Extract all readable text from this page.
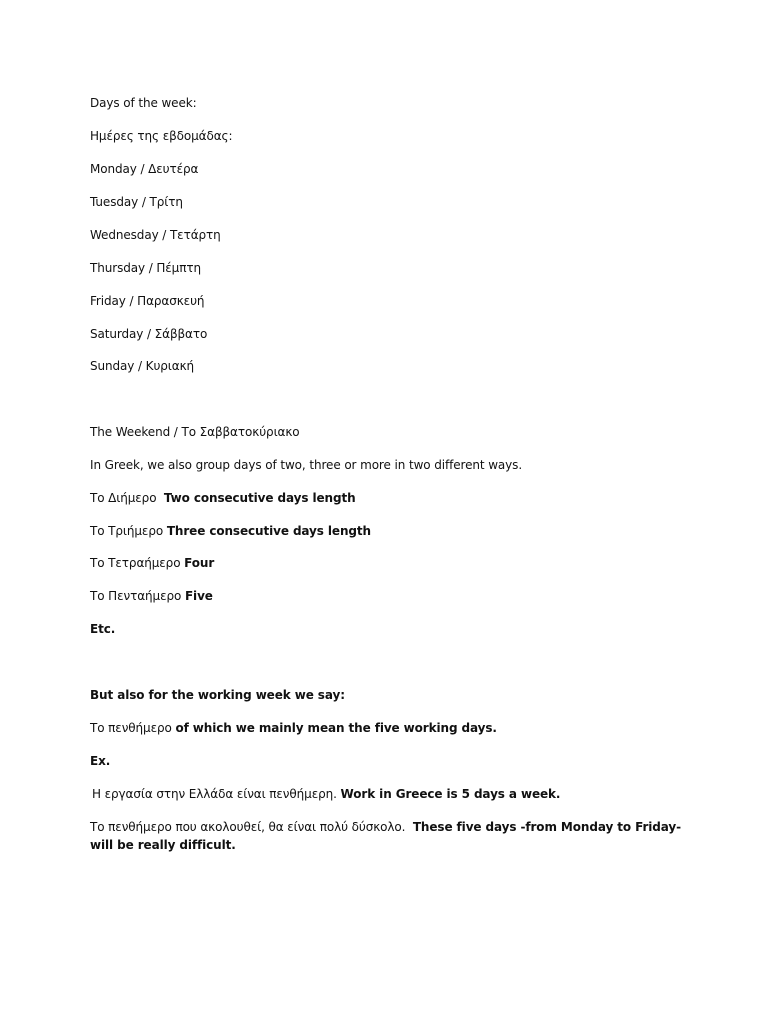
Days of the week:
Ημέρες της εβδομάδας:
Monday / Δευτέρα
Tuesday / Τρίτη
Wednesday / Τετάρτη
Thursday / Πέμπτη
Friday / Παρασκευή
Saturday / Σάββατο
Sunday / Κυριακή
The Weekend / Το Σαββατοκύριακο
In Greek, we also group days of two, three or more in two different ways.
Το Διήμερο Two consecutive days length
Το Τριήμερο Three consecutive days length
Το Τετραήμερο Four
Το Πενταήμερο Five
Etc.
But also for the working week we say:
Το πενθήμερο of which we mainly mean the five working days.
Ex.
Η εργασία στην Ελλάδα είναι πενθήμερη. Work in Greece is 5 days a week.
Το πενθήμερο που ακολουθεί, θα είναι πολύ δύσκολο. These five days -from Monday to Friday- will be really difficult.
